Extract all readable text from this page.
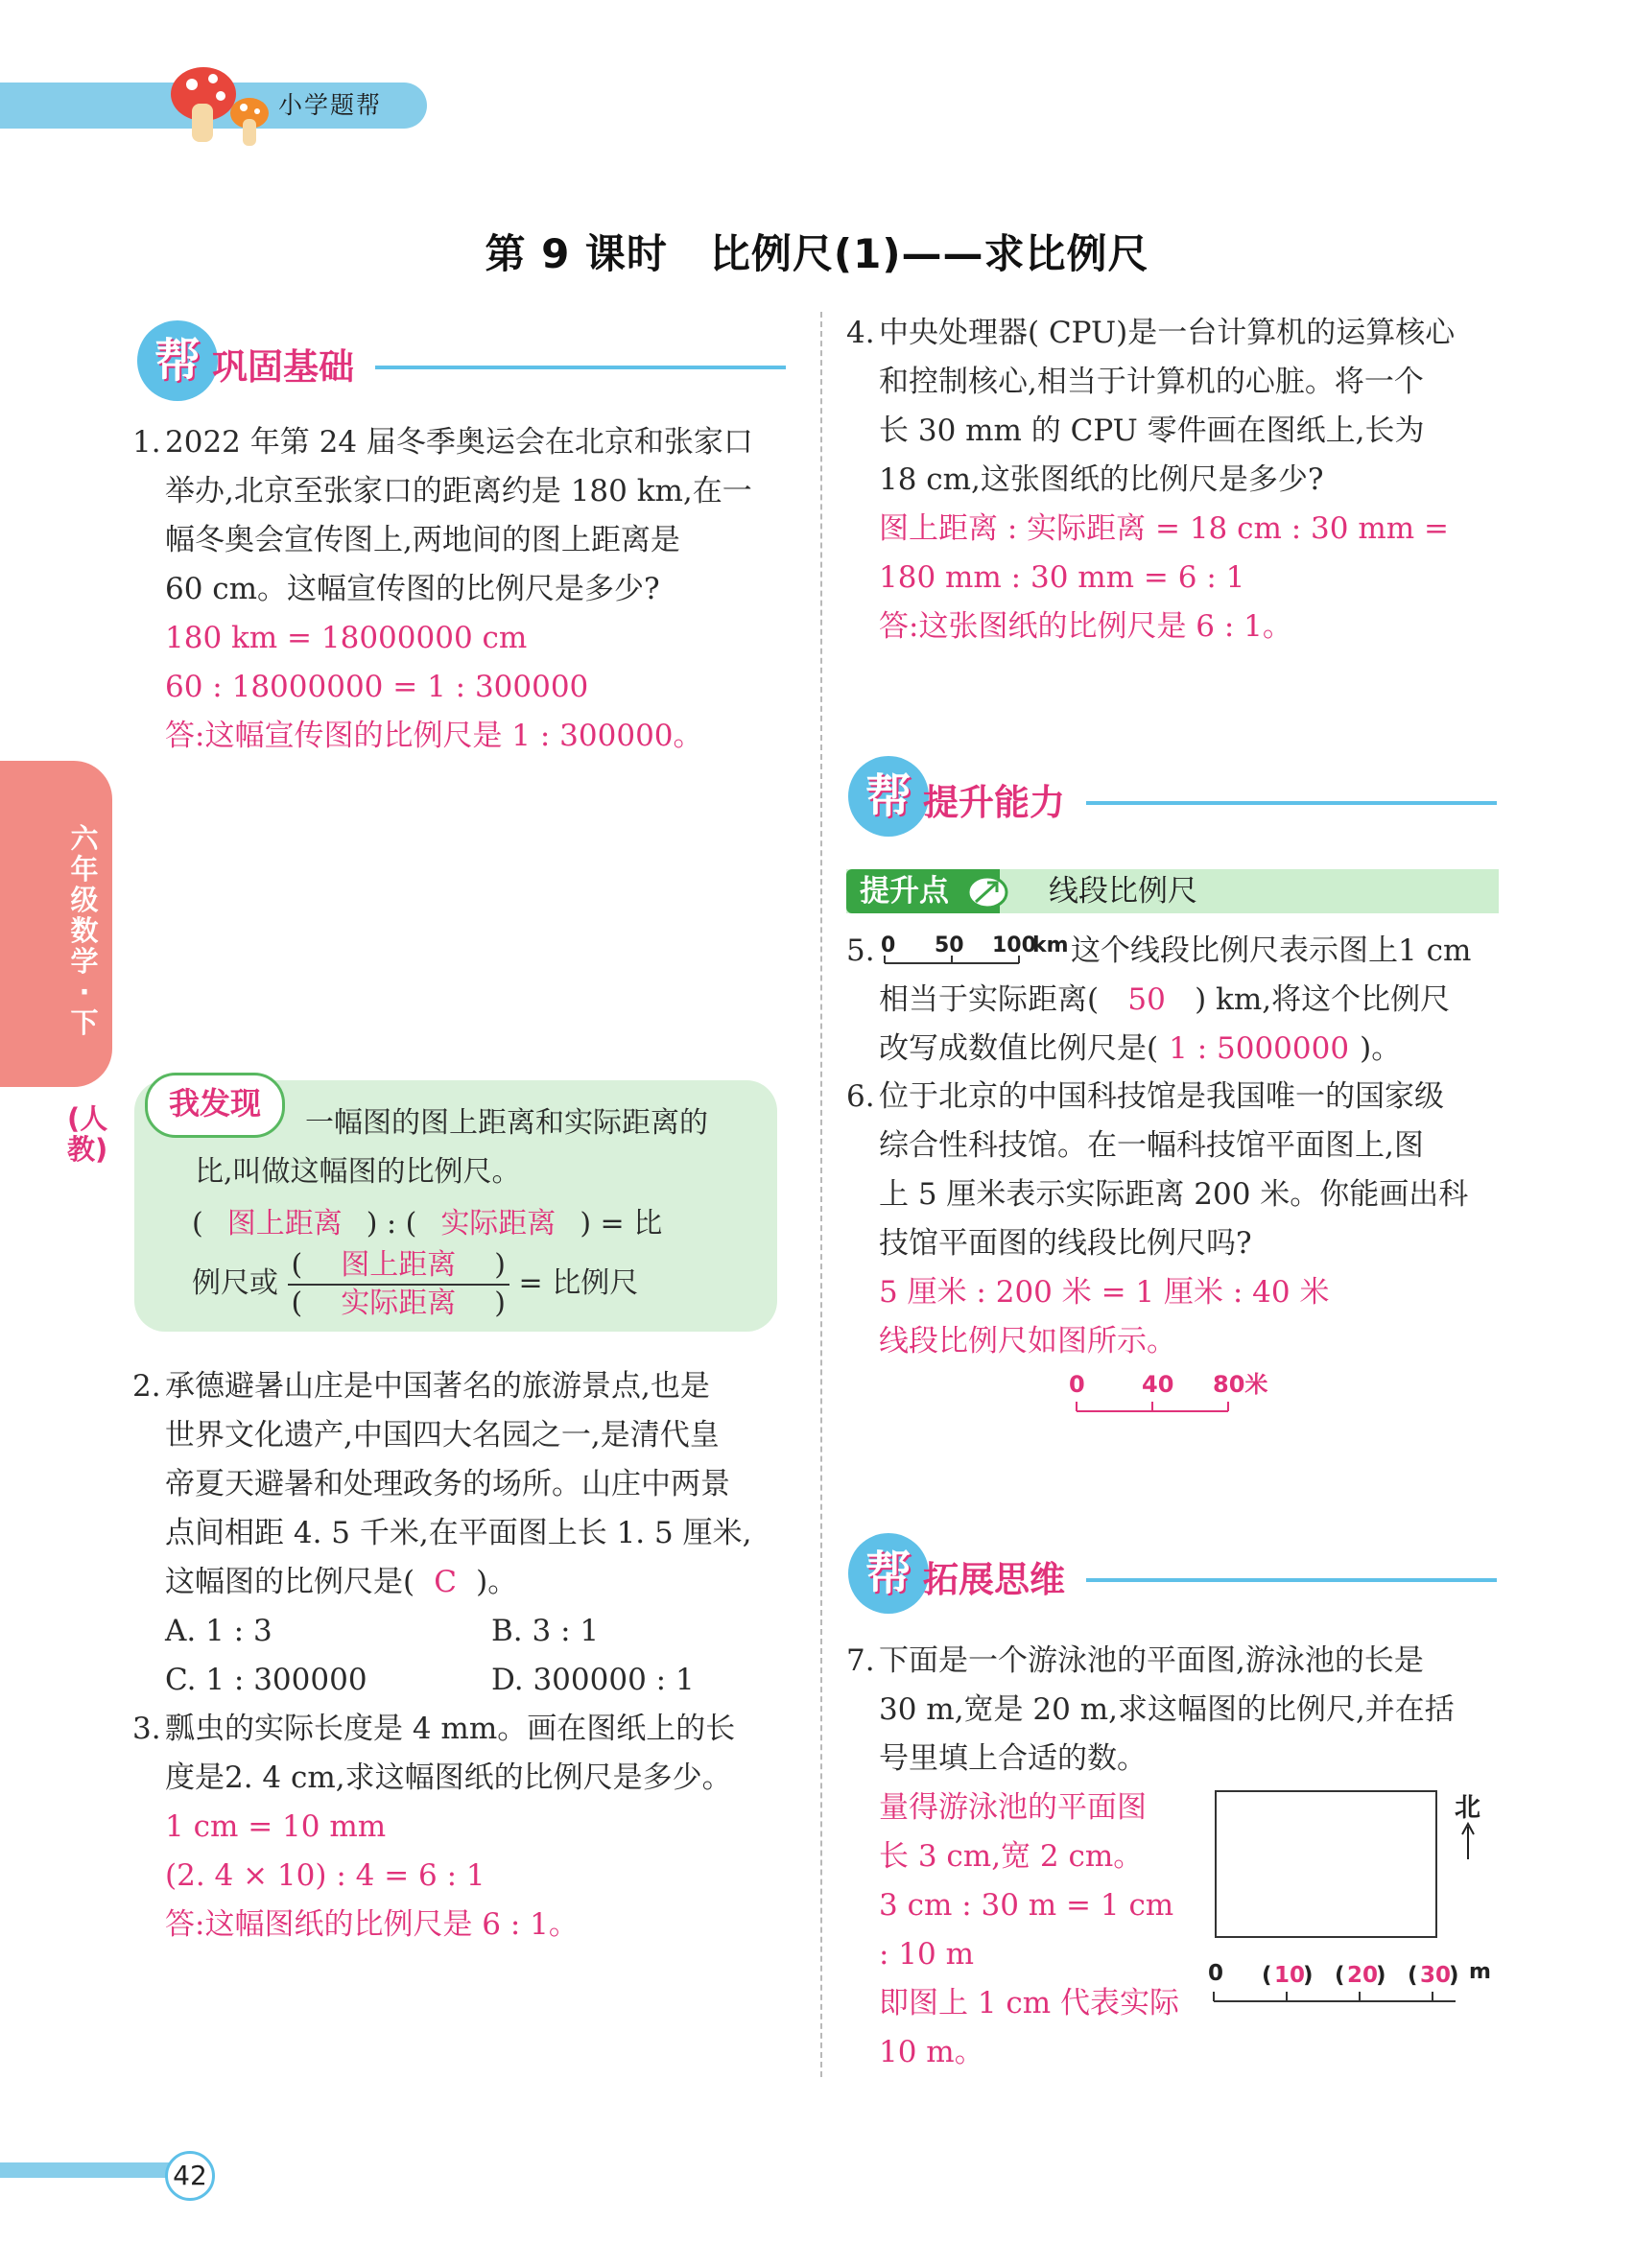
小学题帮
第 9 课时 比例尺(1)——求比例尺
六年级数学·下
(人教)
帮 巩固基础
1. 2022 年第 24 届冬季奥运会在北京和张家口
举办,北京至张家口的距离约是 180 km,在一
幅冬奥会宣传图上,两地间的图上距离是
60 cm。这幅宣传图的比例尺是多少?
180 km = 18000000 cm
60 : 18000000 = 1 : 300000
答:这幅宣传图的比例尺是 1 : 300000。
我发现
一幅图的图上距离和实际距离的
比,叫做这幅图的比例尺。
( 图上距离 ) : ( 实际距离 ) = 比
例尺或 $\frac{\text{( 图上距离 )}}{\text{( 实际距离 )}}$ = 比例尺
2. 承德避暑山庄是中国著名的旅游景点,也是
世界文化遗产,中国四大名园之一,是清代皇
帝夏天避暑和处理政务的场所。山庄中两景
点间相距 4. 5 千米,在平面图上长 1. 5 厘米,
这幅图的比例尺是( C )。
A. 1 : 3	B. 3 : 1
C. 1 : 300000	D. 300000 : 1
3. 瓢虫的实际长度是 4 mm。画在图纸上的长
度是2. 4 cm,求这幅图纸的比例尺是多少。
1 cm = 10 mm
(2. 4 × 10) : 4 = 6 : 1
答:这幅图纸的比例尺是 6 : 1。
4. 中央处理器( CPU)是一台计算机的运算核心
和控制核心,相当于计算机的心脏。将一个
长 30 mm 的 CPU 零件画在图纸上,长为
18 cm,这张图纸的比例尺是多少?
图上距离 : 实际距离 = 18 cm : 30 mm =
180 mm : 30 mm = 6 : 1
答:这张图纸的比例尺是 6 : 1。
帮 提升能力
提升点	线段比例尺
5. 0 50 100
km 这个线段比例尺表示图上1 cm
相当于实际距离( 50 ) km,将这个比例尺
改写成数值比例尺是( 1 : 5000000 )。
6. 位于北京的中国科技馆是我国唯一的国家级
综合性科技馆。在一幅科技馆平面图上,图
上 5 厘米表示实际距离 200 米。你能画出科
技馆平面图的线段比例尺吗?
5 厘米 : 200 米 = 1 厘米 : 40 米
线段比例尺如图所示。
0 40 80米
帮 拓展思维
7. 下面是一个游泳池的平面图,游泳池的长是
30 m,宽是 20 m,求这幅图的比例尺,并在括
号里填上合适的数。
量得游泳池的平面图
长 3 cm,宽 2 cm。
3 cm : 30 m = 1 cm
: 10 m
即图上 1 cm 代表实际
10 m。
北
0 ( 10
) ( 20
) ( 30
) m
42
